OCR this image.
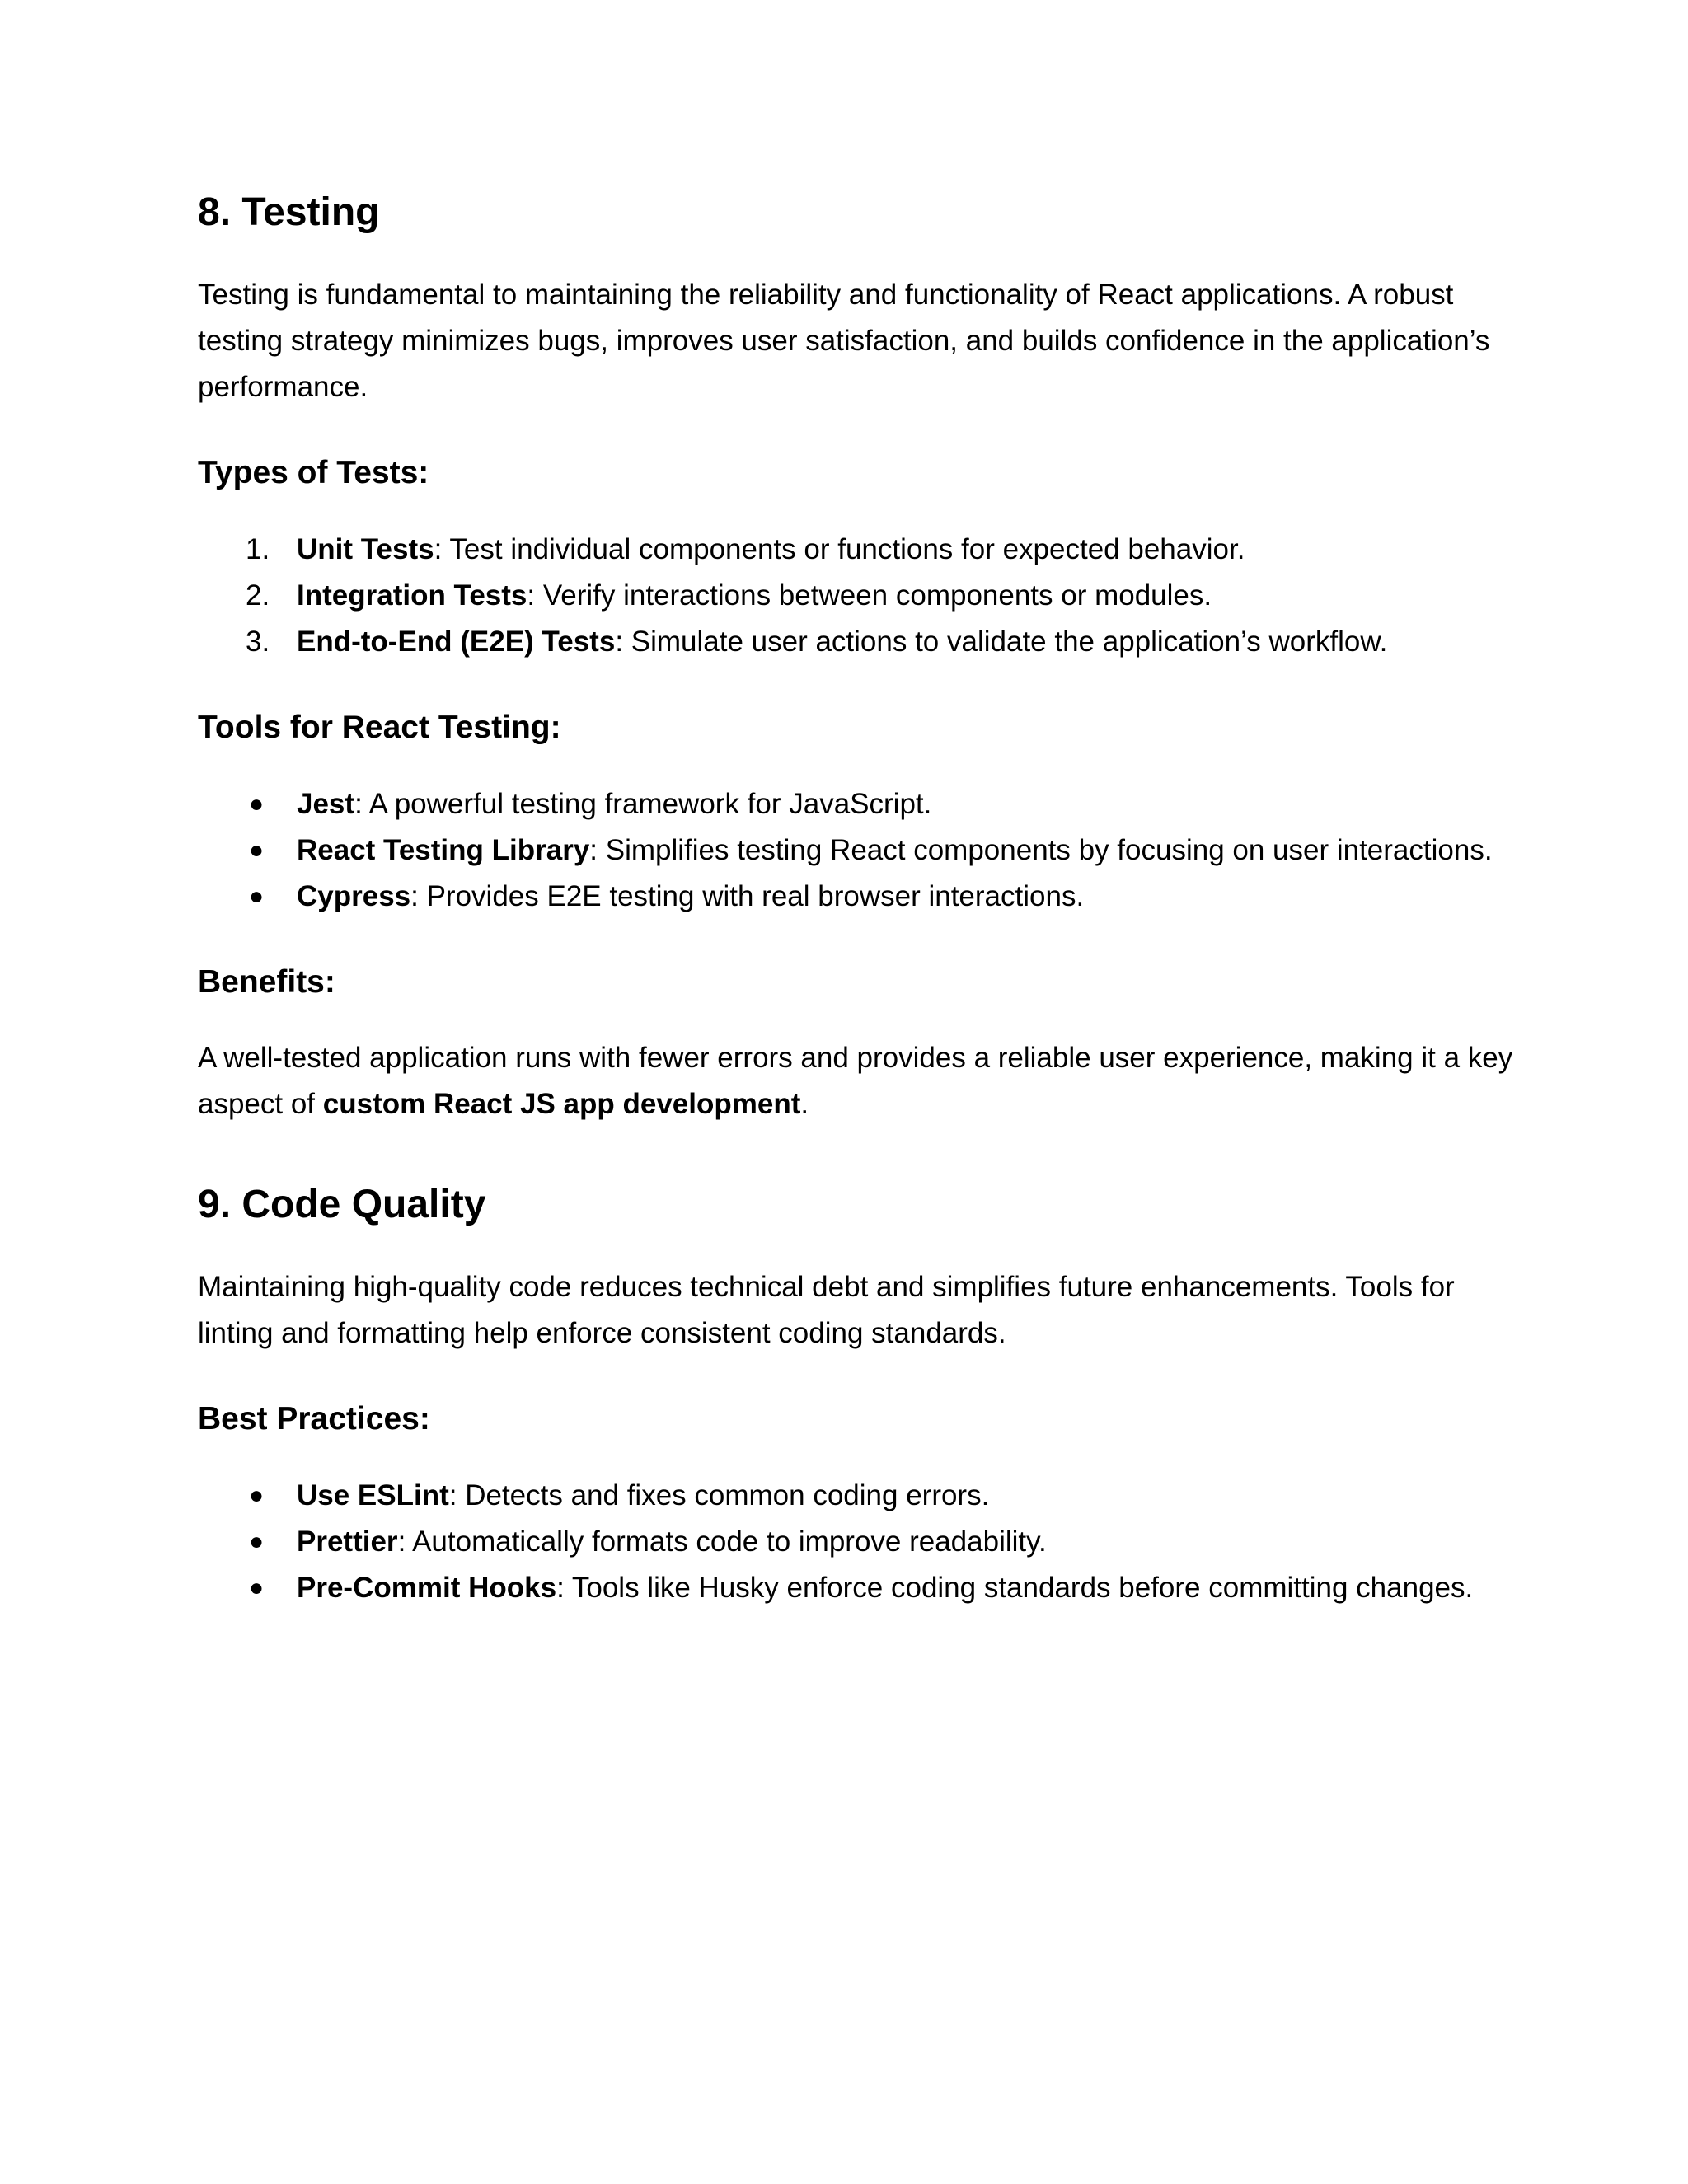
8. Testing

Testing is fundamental to maintaining the reliability and functionality of React applications. A robust testing strategy minimizes bugs, improves user satisfaction, and builds confidence in the application’s performance.

Types of Tests:
1. Unit Tests: Test individual components or functions for expected behavior.
2. Integration Tests: Verify interactions between components or modules.
3. End-to-End (E2E) Tests: Simulate user actions to validate the application’s workflow.
Tools for React Testing:
● Jest: A powerful testing framework for JavaScript.
● React Testing Library: Simplifies testing React components by focusing on user interactions.
● Cypress: Provides E2E testing with real browser interactions.
Benefits:

A well-tested application runs with fewer errors and provides a reliable user experience, making it a key aspect of custom React JS app development.

9. Code Quality

Maintaining high-quality code reduces technical debt and simplifies future enhancements. Tools for linting and formatting help enforce consistent coding standards.

Best Practices:
● Use ESLint: Detects and fixes common coding errors.
● Prettier: Automatically formats code to improve readability.
● Pre-Commit Hooks: Tools like Husky enforce coding standards before committing changes.
